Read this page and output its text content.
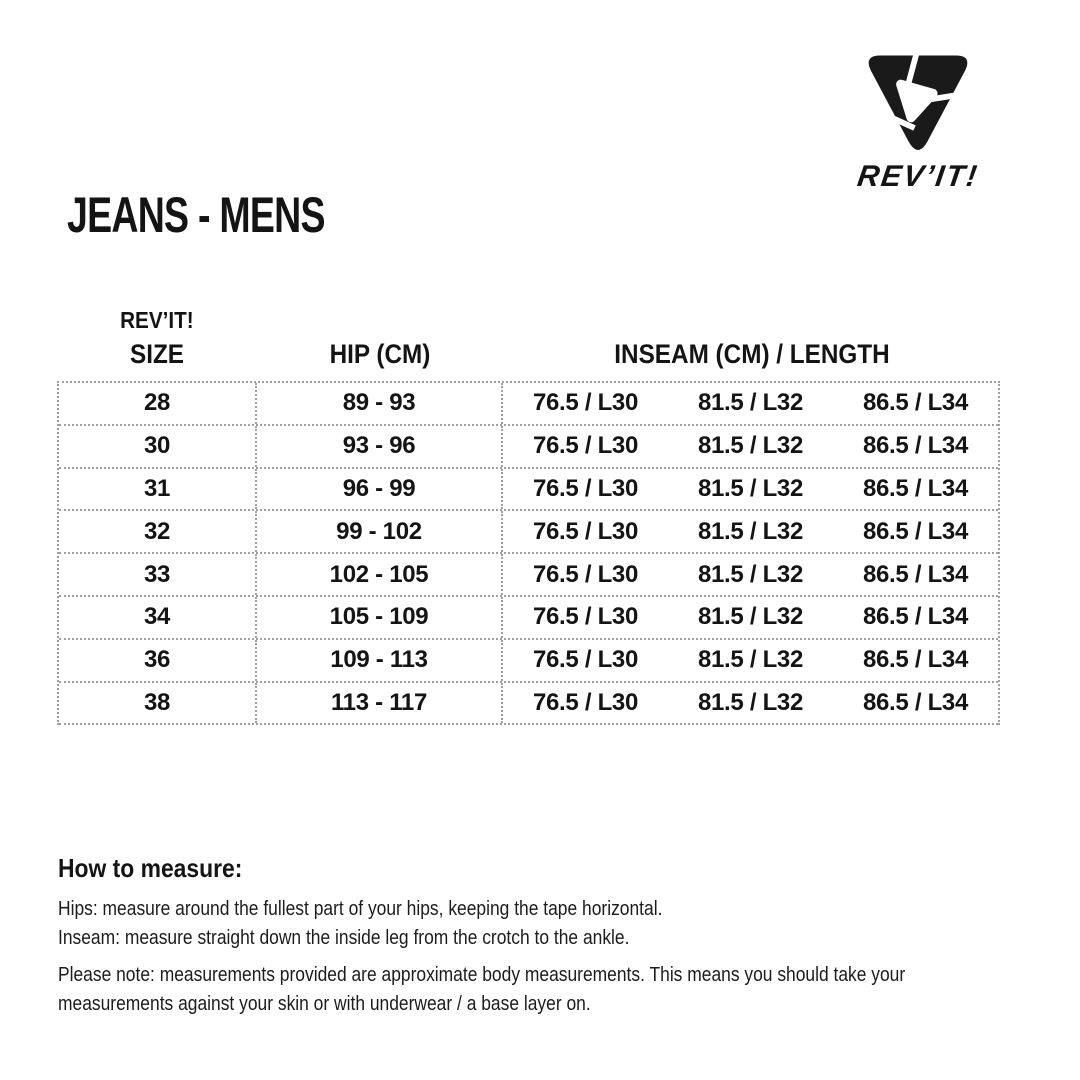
REV’IT!
JEANS - MENS
REV’IT!
SIZE	HIP (CM)	INSEAM (CM) / LENGTH
28	89 - 93	76.5 / L30	81.5 / L32	86.5 / L34
30	93 - 96	76.5 / L30	81.5 / L32	86.5 / L34
31	96 - 99	76.5 / L30	81.5 / L32	86.5 / L34
32	99 - 102	76.5 / L30	81.5 / L32	86.5 / L34
33	102 - 105	76.5 / L30	81.5 / L32	86.5 / L34
34	105 - 109	76.5 / L30	81.5 / L32	86.5 / L34
36	109 - 113	76.5 / L30	81.5 / L32	86.5 / L34
38	113 - 117	76.5 / L30	81.5 / L32	86.5 / L34
How to measure:
Hips: measure around the fullest part of your hips, keeping the tape horizontal.
Inseam: measure straight down the inside leg from the crotch to the ankle.
Please note: measurements provided are approximate body measurements. This means you should take your
measurements against your skin or with underwear / a base layer on.
